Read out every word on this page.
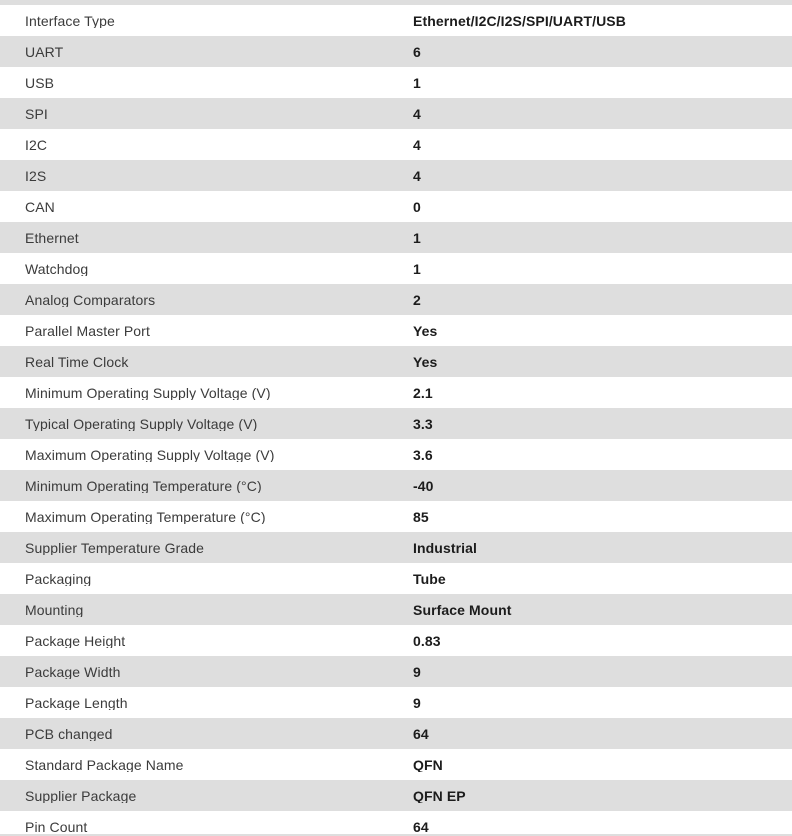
Interface Type	Ethernet/I2C/I2S/SPI/UART/USB
UART	6
USB	1
SPI	4
I2C	4
I2S	4
CAN	0
Ethernet	1
Watchdog	1
Analog Comparators	2
Parallel Master Port	Yes
Real Time Clock	Yes
Minimum Operating Supply Voltage (V)	2.1
Typical Operating Supply Voltage (V)	3.3
Maximum Operating Supply Voltage (V)	3.6
Minimum Operating Temperature (°C)	-40
Maximum Operating Temperature (°C)	85
Supplier Temperature Grade	Industrial
Packaging	Tube
Mounting	Surface Mount
Package Height	0.83
Package Width	9
Package Length	9
PCB changed	64
Standard Package Name	QFN
Supplier Package	QFN EP
Pin Count	64
